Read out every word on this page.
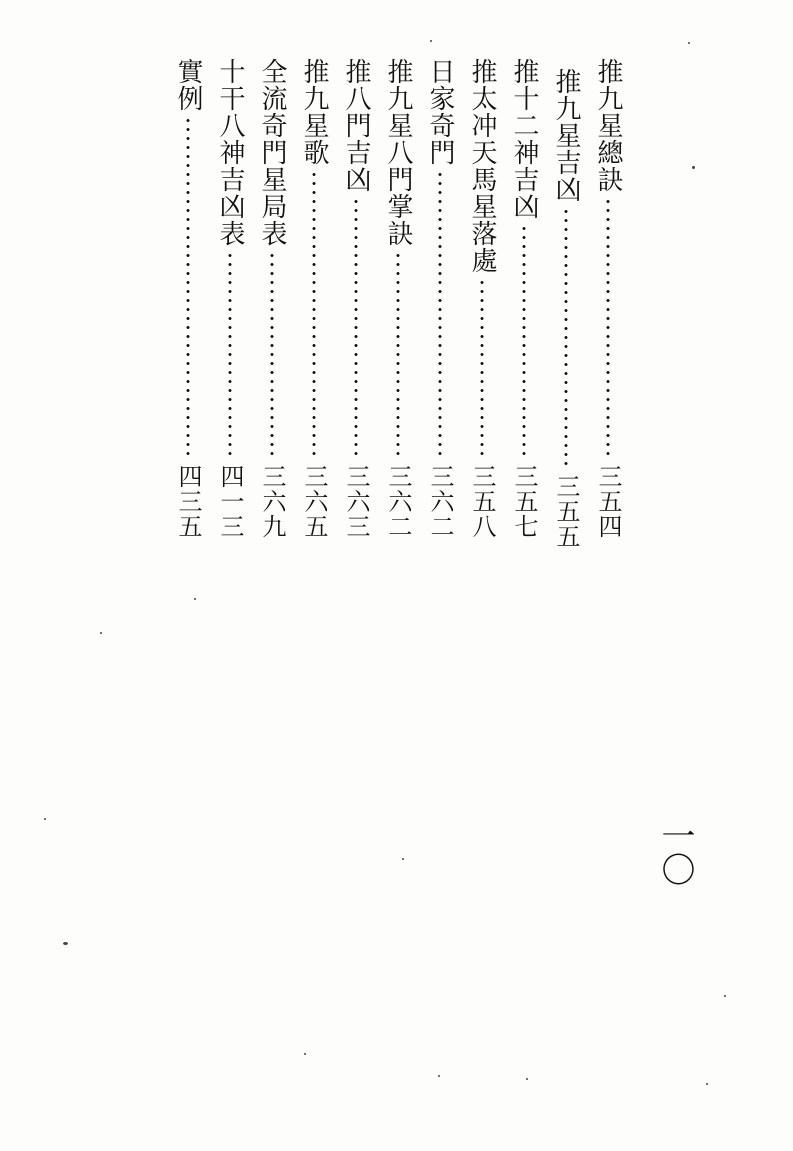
推九星總訣
三五四
推九星吉凶
三五五
推十二神吉凶
三五七
推太冲天馬星落處
三五八
日家奇門
三六二
推九星八門掌訣
三六二
推八門吉凶
三六三
推九星歌
三六五
全流奇門星局表
三六九
十干八神吉凶表
四一三
實例
四三五
一〇
